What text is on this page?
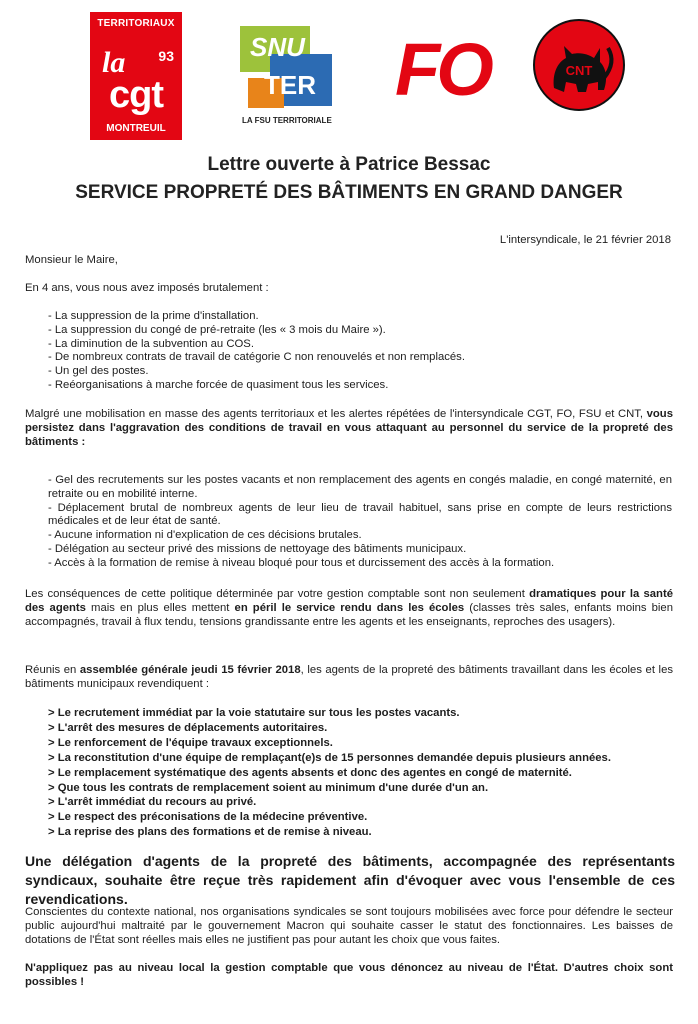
TERRITORIAUX
la 93
cgt
MONTREUIL
SNU
TER
LA FSU TERRITORIALE
FO	CNT
Lettre ouverte à Patrice Bessac
SERVICE PROPRETÉ DES BÂTIMENTS EN GRAND DANGER
L'intersyndicale, le 21 février 2018
Monsieur le Maire,
En 4 ans, vous nous avez imposés brutalement :
- La suppression de la prime d'installation.
- La suppression du congé de pré-retraite (les « 3 mois du Maire »).
- La diminution de la subvention au COS.
- De nombreux contrats de travail de catégorie C non renouvelés et non remplacés.
- Un gel des postes.
- Reéorganisations à marche forcée de quasiment tous les services.
Malgré une mobilisation en masse des agents territoriaux et les alertes répétées de l'intersyndicale CGT, FO, FSU et CNT, vous persistez dans l'aggravation des conditions de travail en vous attaquant au personnel du service de la propreté des bâtiments :
- Gel des recrutements sur les postes vacants et non remplacement des agents en congés maladie, en congé maternité, en retraite ou en mobilité interne.
- Déplacement brutal de nombreux agents de leur lieu de travail habituel, sans prise en compte de leurs restrictions médicales et de leur état de santé.
- Aucune information ni d'explication de ces décisions brutales.
- Délégation au secteur privé des missions de nettoyage des bâtiments municipaux.
- Accès à la formation de remise à niveau bloqué pour tous et durcissement des accès à la formation.
Les conséquences de cette politique déterminée par votre gestion comptable sont non seulement dramatiques pour la santé des agents mais en plus elles mettent en péril le service rendu dans les écoles (classes très sales, enfants moins bien accompagnés, travail à flux tendu, tensions grandissante entre les agents et les enseignants, reproches des usagers).
Réunis en assemblée générale jeudi 15 février 2018, les agents de la propreté des bâtiments travaillant dans les écoles et les bâtiments municipaux revendiquent :
> Le recrutement immédiat par la voie statutaire sur tous les postes vacants.
> L'arrêt des mesures de déplacements autoritaires.
> Le renforcement de l'équipe travaux exceptionnels.
> La reconstitution d'une équipe de remplaçant(e)s de 15 personnes demandée depuis plusieurs années.
> Le remplacement systématique des agents absents et donc des agentes en congé de maternité.
> Que tous les contrats de remplacement soient au minimum d'une durée d'un an.
> L'arrêt immédiat du recours au privé.
> Le respect des préconisations de la médecine préventive.
> La reprise des plans des formations et de remise à niveau.
Une délégation d'agents de la propreté des bâtiments, accompagnée des représentants syndicaux, souhaite être reçue très rapidement afin d'évoquer avec vous l'ensemble de ces revendications.
Conscientes du contexte national, nos organisations syndicales se sont toujours mobilisées avec force pour défendre le secteur public aujourd'hui maltraité par le gouvernement Macron qui souhaite casser le statut des fonctionnaires. Les baisses de dotations de l'État sont réelles mais elles ne justifient pas pour autant les choix que vous faites.
N'appliquez pas au niveau local la gestion comptable que vous dénoncez au niveau de l'État. D'autres choix sont possibles !
